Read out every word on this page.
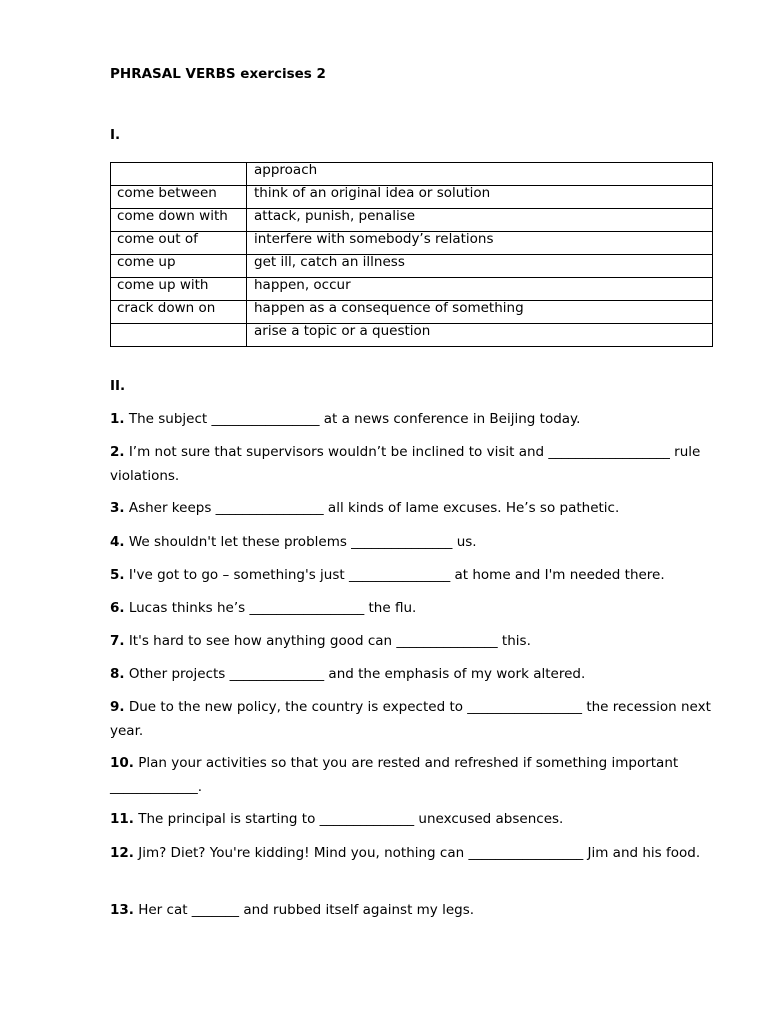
PHRASAL VERBS exercises 2
I.
	approach
come between	think of an original idea or solution
come down with	attack, punish, penalise
come out of	interfere with somebody’s relations
come up	get ill, catch an illness
come up with	happen, occur
crack down on	happen as a consequence of something
	arise a topic or a question
II.
1. The subject ________________ at a news conference in Beijing today.
2. I’m not sure that supervisors wouldn’t be inclined to visit and __________________ rule violations.
3. Asher keeps ________________ all kinds of lame excuses. He’s so pathetic.
4. We shouldn't let these problems _______________ us.
5. I've got to go – something's just _______________ at home and I'm needed there.
6. Lucas thinks he’s _________________ the flu.
7. It's hard to see how anything good can _______________ this.
8. Other projects ______________ and the emphasis of my work altered.
9. Due to the new policy, the country is expected to _________________ the recession next year.
10. Plan your activities so that you are rested and refreshed if something important _____________.
11. The principal is starting to ______________ unexcused absences.
12. Jim? Diet? You're kidding! Mind you, nothing can _________________ Jim and his food.
13. Her cat _______ and rubbed itself against my legs.
